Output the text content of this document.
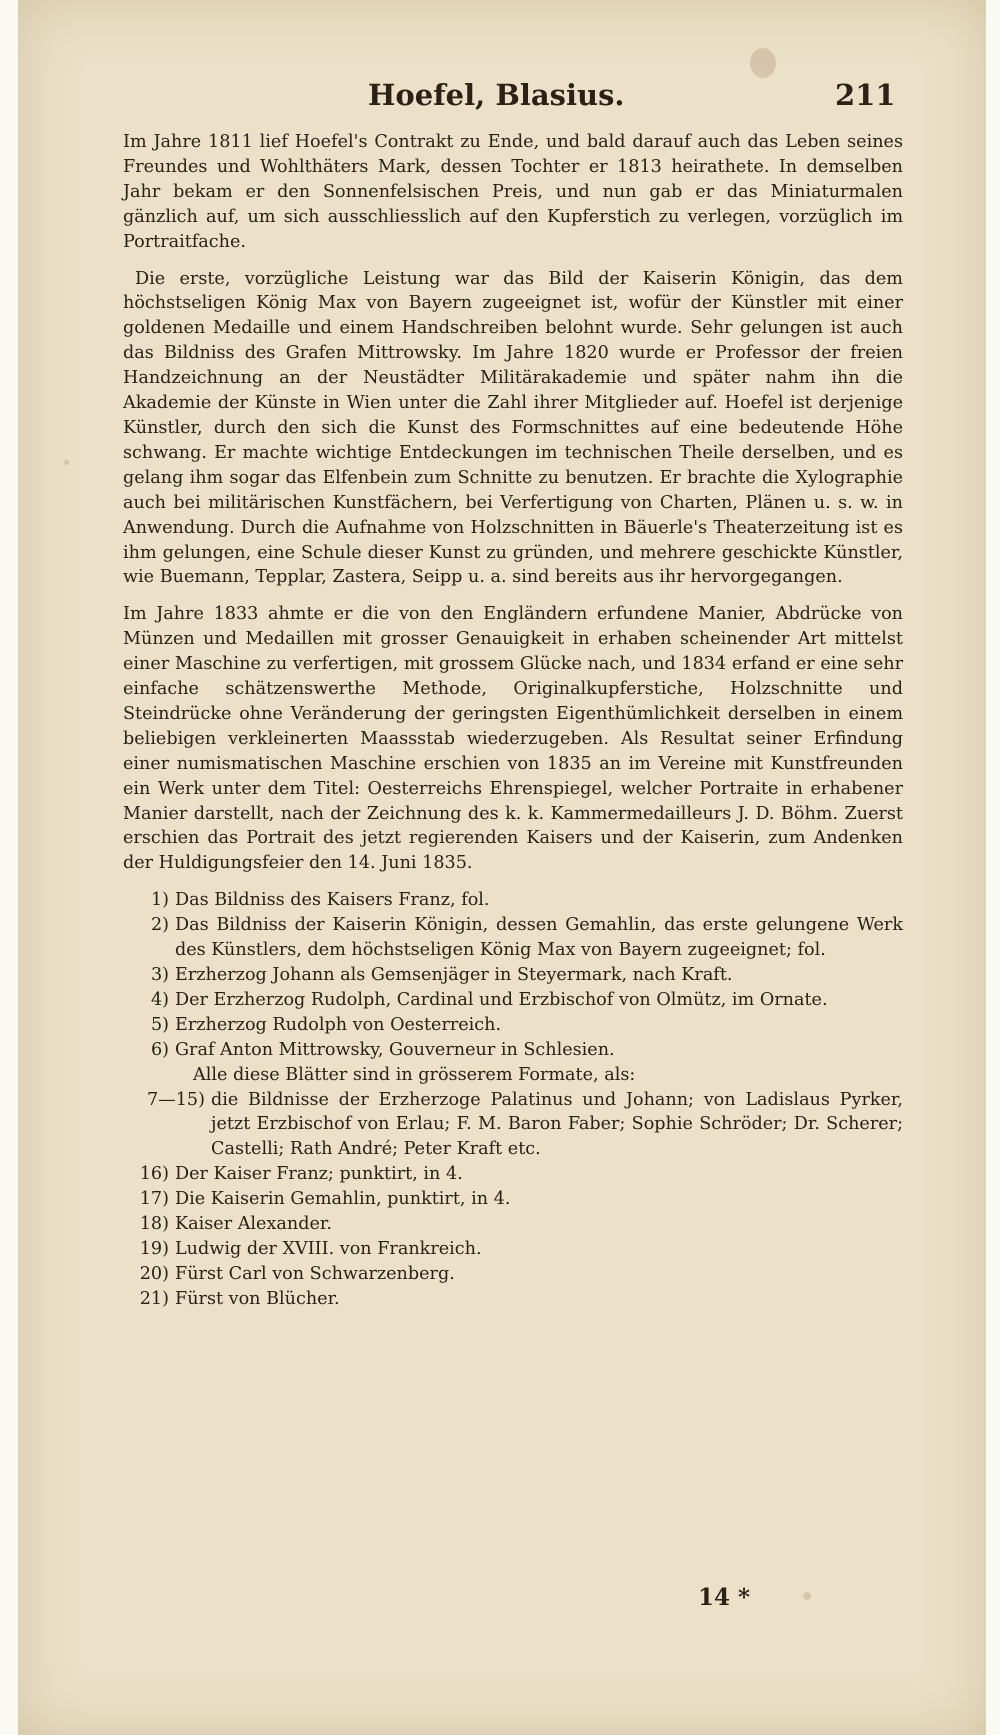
Hoefel, Blasius.	211

Im Jahre 1811 lief Hoefel's Contrakt zu Ende, und bald darauf auch das Leben seines Freundes und Wohlthäters Mark, dessen Tochter er 1813 heirathete. In demselben Jahr bekam er den Sonnenfelsischen Preis, und nun gab er das Miniaturmalen gänzlich auf, um sich ausschliesslich auf den Kupferstich zu verlegen, vorzüglich im Portraitfache.

Die erste, vorzügliche Leistung war das Bild der Kaiserin Königin, das dem höchstseligen König Max von Bayern zugeeignet ist, wofür der Künstler mit einer goldenen Medaille und einem Handschreiben belohnt wurde. Sehr gelungen ist auch das Bildniss des Grafen Mittrowsky. Im Jahre 1820 wurde er Professor der freien Handzeichnung an der Neustädter Militärakademie und später nahm ihn die Akademie der Künste in Wien unter die Zahl ihrer Mitglieder auf. Hoefel ist derjenige Künstler, durch den sich die Kunst des Formschnittes auf eine bedeutende Höhe schwang. Er machte wichtige Entdeckungen im technischen Theile derselben, und es gelang ihm sogar das Elfenbein zum Schnitte zu benutzen. Er brachte die Xylographie auch bei militärischen Kunstfächern, bei Verfertigung von Charten, Plänen u. s. w. in Anwendung. Durch die Aufnahme von Holzschnitten in Bäuerle's Theaterzeitung ist es ihm gelungen, eine Schule dieser Kunst zu gründen, und mehrere geschickte Künstler, wie Buemann, Tepplar, Zastera, Seipp u. a. sind bereits aus ihr hervorgegangen.

Im Jahre 1833 ahmte er die von den Engländern erfundene Manier, Abdrücke von Münzen und Medaillen mit grosser Genauigkeit in erhaben scheinender Art mittelst einer Maschine zu verfertigen, mit grossem Glücke nach, und 1834 erfand er eine sehr einfache schätzenswerthe Methode, Originalkupferstiche, Holzschnitte und Steindrücke ohne Veränderung der geringsten Eigenthümlichkeit derselben in einem beliebigen verkleinerten Maassstab wiederzugeben. Als Resultat seiner Erfindung einer numismatischen Maschine erschien von 1835 an im Vereine mit Kunstfreunden ein Werk unter dem Titel: Oesterreichs Ehrenspiegel, welcher Portraite in erhabener Manier darstellt, nach der Zeichnung des k. k. Kammermedailleurs J. D. Böhm. Zuerst erschien das Portrait des jetzt regierenden Kaisers und der Kaiserin, zum Andenken der Huldigungsfeier den 14. Juni 1835.

1) Das Bildniss des Kaisers Franz, fol.
2) Das Bildniss der Kaiserin Königin, dessen Gemahlin, das erste gelungene Werk des Künstlers, dem höchstseligen König Max von Bayern zugeeignet; fol.
3) Erzherzog Johann als Gemsenjäger in Steyermark, nach Kraft.
4) Der Erzherzog Rudolph, Cardinal und Erzbischof von Olmütz, im Ornate.
5) Erzherzog Rudolph von Oesterreich.
6) Graf Anton Mittrowsky, Gouverneur in Schlesien.
Alle diese Blätter sind in grösserem Formate, als:
7—15) die Bildnisse der Erzherzoge Palatinus und Johann; von Ladislaus Pyrker, jetzt Erzbischof von Erlau; F. M. Baron Faber; Sophie Schröder; Dr. Scherer; Castelli; Rath André; Peter Kraft etc.
16) Der Kaiser Franz; punktirt, in 4.
17) Die Kaiserin Gemahlin, punktirt, in 4.
18) Kaiser Alexander.
19) Ludwig der XVIII. von Frankreich.
20) Fürst Carl von Schwarzenberg.
21) Fürst von Blücher.
14 *
